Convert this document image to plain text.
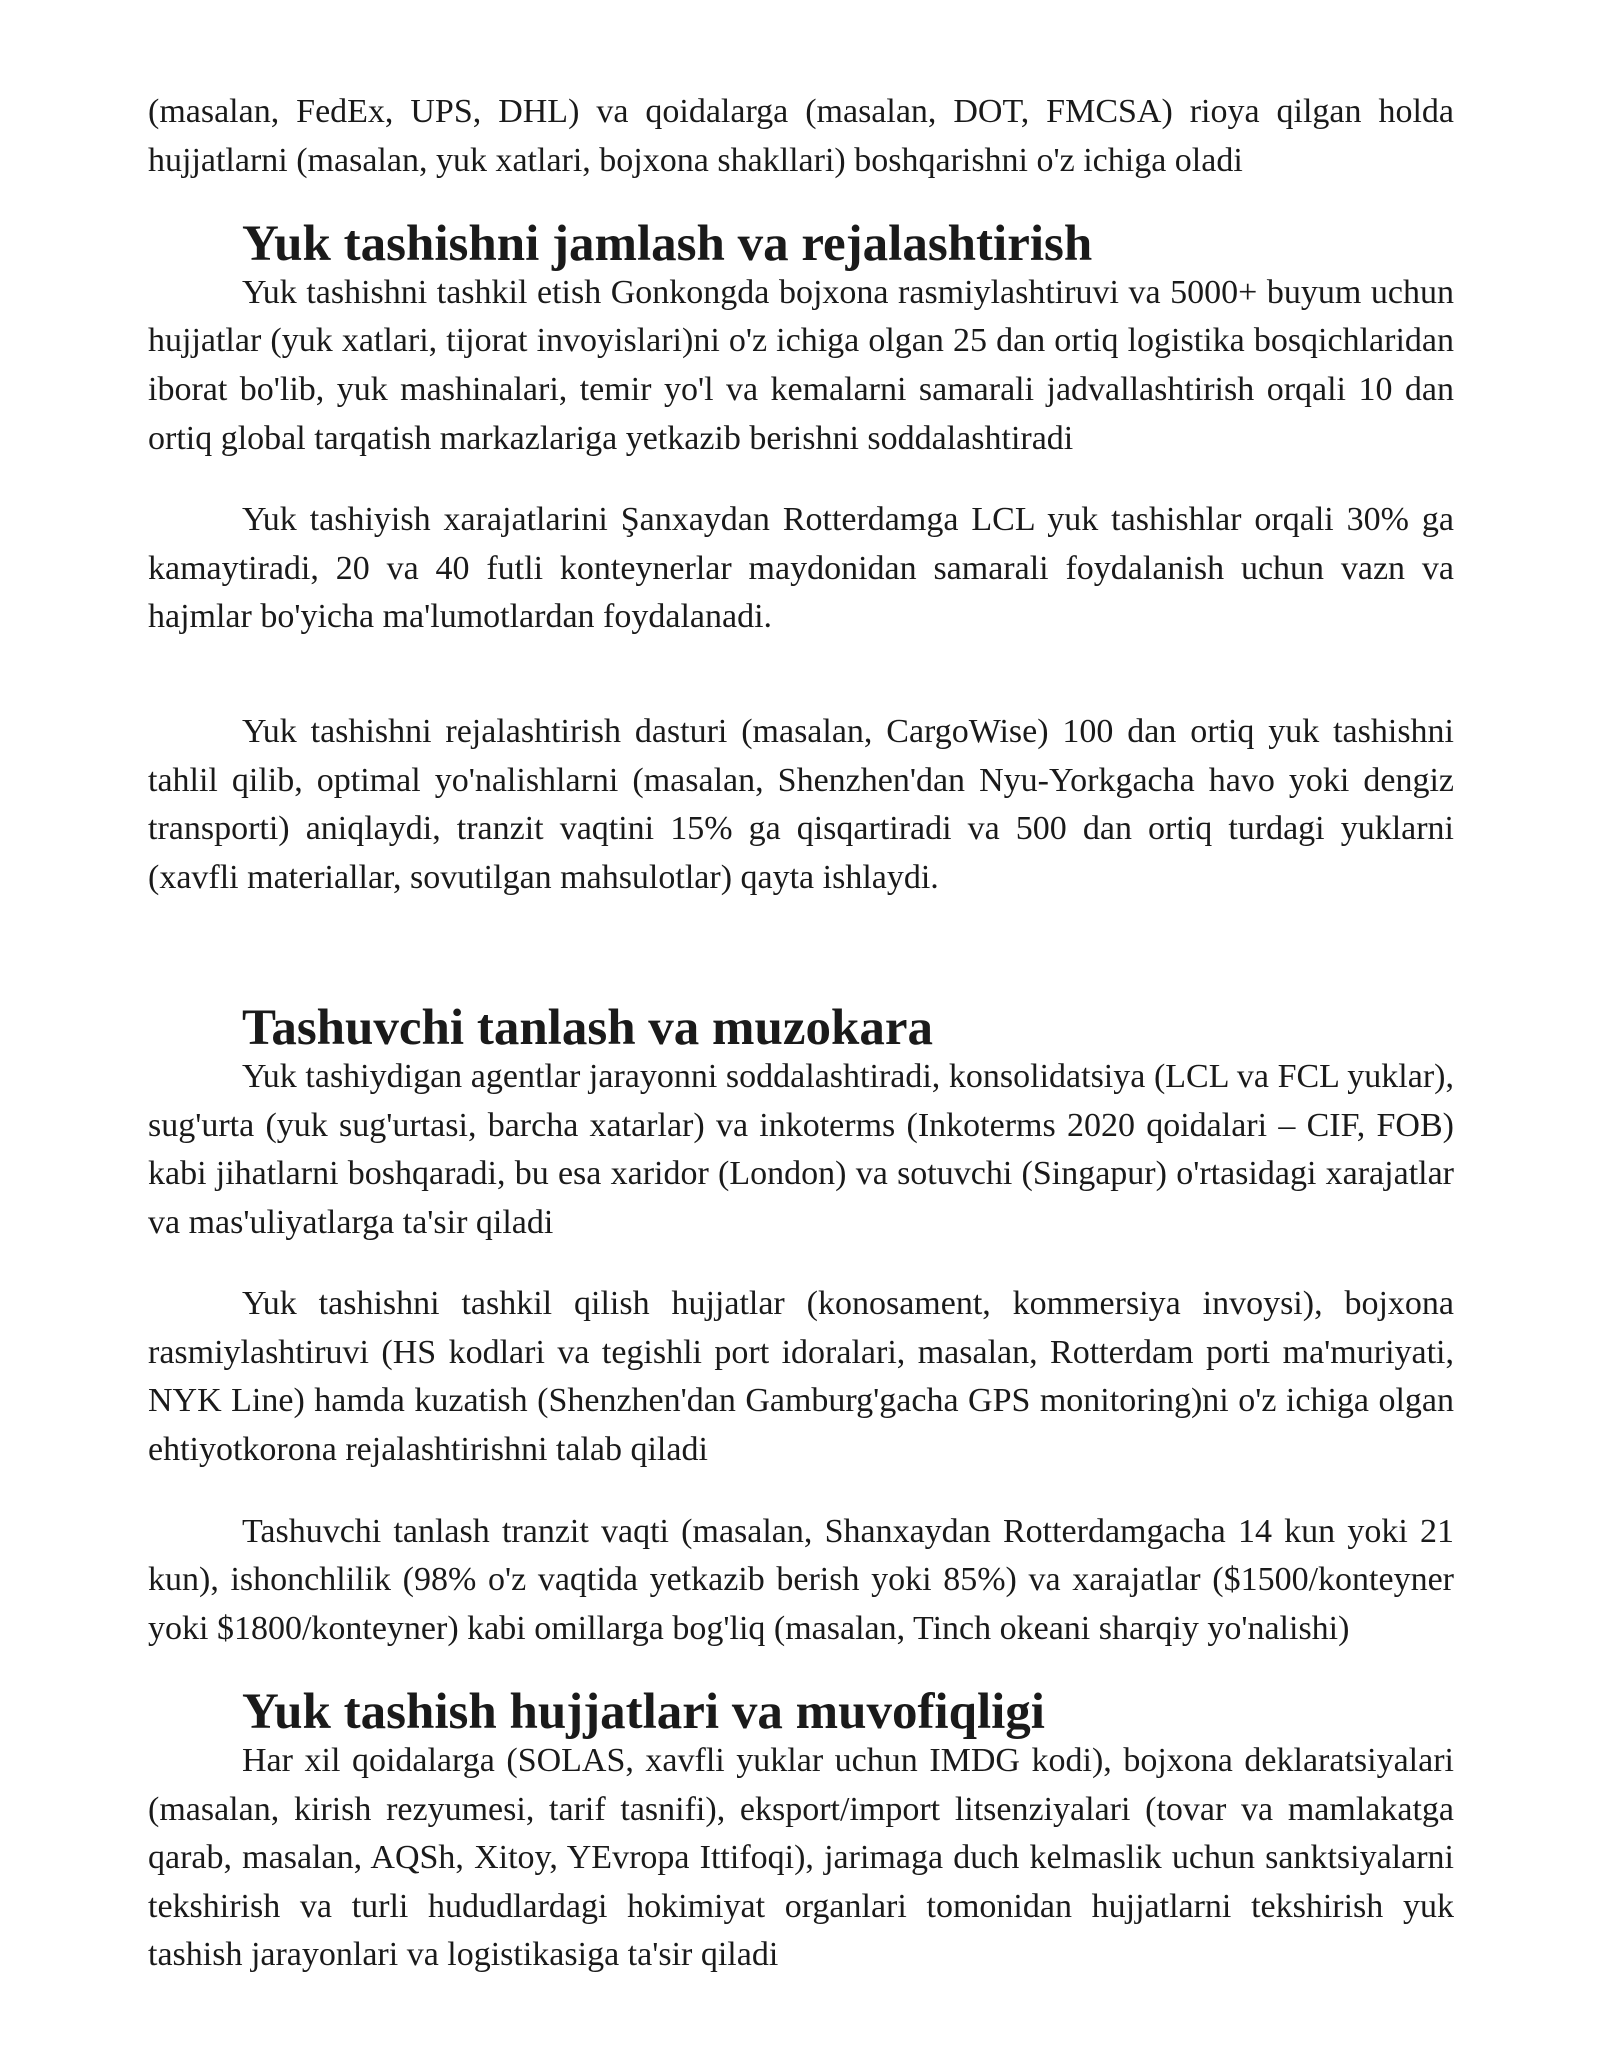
(masalan, FedEx, UPS, DHL) va qoidalarga (masalan, DOT, FMCSA) rioya qilgan holda hujjatlarni (masalan, yuk xatlari, bojxona shakllari) boshqarishni o'z ichiga oladi

Yuk tashishni jamlash va rejalashtirish

Yuk tashishni tashkil etish Gonkongda bojxona rasmiylashtiruvi va 5000+ buyum uchun hujjatlar (yuk xatlari, tijorat invoyislari)ni o'z ichiga olgan 25 dan ortiq logistika bosqichlaridan iborat bo'lib, yuk mashinalari, temir yo'l va kemalarni samarali jadvallashtirish orqali 10 dan ortiq global tarqatish markazlariga yetkazib berishni soddalashtiradi

Yuk tashiyish xarajatlarini Şanxaydan Rotterdamga LCL yuk tashishlar orqali 30% ga kamaytiradi, 20 va 40 futli konteynerlar maydonidan samarali foydalanish uchun vazn va hajmlar bo'yicha ma'lumotlardan foydalanadi.

Yuk tashishni rejalashtirish dasturi (masalan, CargoWise) 100 dan ortiq yuk tashishni tahlil qilib, optimal yo'nalishlarni (masalan, Shenzhen'dan Nyu-Yorkgacha havo yoki dengiz transporti) aniqlaydi, tranzit vaqtini 15% ga qisqartiradi va 500 dan ortiq turdagi yuklarni (xavfli materiallar, sovutilgan mahsulotlar) qayta ishlaydi.

Tashuvchi tanlash va muzokara

Yuk tashiydigan agentlar jarayonni soddalashtiradi, konsolidatsiya (LCL va FCL yuklar), sug'urta (yuk sug'urtasi, barcha xatarlar) va inkoterms (Inkoterms 2020 qoidalari – CIF, FOB) kabi jihatlarni boshqaradi, bu esa xaridor (London) va sotuvchi (Singapur) o'rtasidagi xarajatlar va mas'uliyatlarga ta'sir qiladi

Yuk tashishni tashkil qilish hujjatlar (konosament, kommersiya invoysi), bojxona rasmiylashtiruvi (HS kodlari va tegishli port idoralari, masalan, Rotterdam porti ma'muriyati, NYK Line) hamda kuzatish (Shenzhen'dan Gamburg'gacha GPS monitoring)ni o'z ichiga olgan ehtiyotkorona rejalashtirishni talab qiladi

Tashuvchi tanlash tranzit vaqti (masalan, Shanxaydan Rotterdamgacha 14 kun yoki 21 kun), ishonchlilik (98% o'z vaqtida yetkazib berish yoki 85%) va xarajatlar ($1500/konteyner yoki $1800/konteyner) kabi omillarga bog'liq (masalan, Tinch okeani sharqiy yo'nalishi)

Yuk tashish hujjatlari va muvofiqligi

Har xil qoidalarga (SOLAS, xavfli yuklar uchun IMDG kodi), bojxona deklaratsiyalari (masalan, kirish rezyumesi, tarif tasnifi), eksport/import litsenziyalari (tovar va mamlakatga qarab, masalan, AQSh, Xitoy, YEvropa Ittifoqi), jarimaga duch kelmaslik uchun sanktsiyalarni tekshirish va turli hududlardagi hokimiyat organlari tomonidan hujjatlarni tekshirish yuk tashish jarayonlari va logistikasiga ta'sir qiladi
